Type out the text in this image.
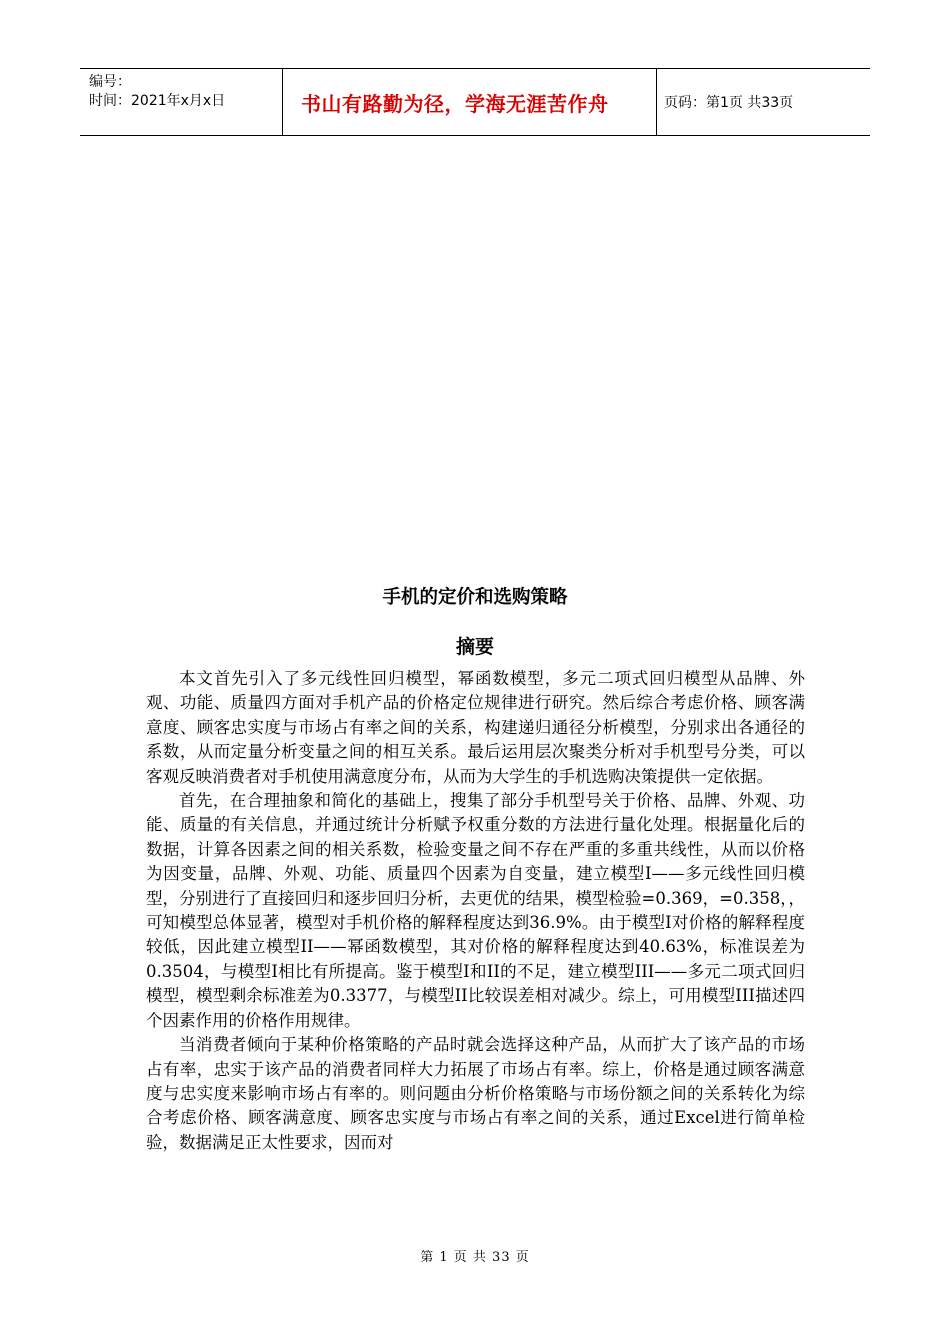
编号：
时间：2021年x月x日	书山有路勤为径，学海无涯苦作舟	页码：第1页 共33页
手机的定价和选购策略
摘要

本文首先引入了多元线性回归模型，幂函数模型，多元二项式回归模型从品牌、外观、功能、质量四方面对手机产品的价格定位规律进行研究。然后综合考虑价格、顾客满意度、顾客忠实度与市场占有率之间的关系，构建递归通径分析模型，分别求出各通径的系数，从而定量分析变量之间的相互关系。最后运用层次聚类分析对手机型号分类，可以客观反映消费者对手机使用满意度分布，从而为大学生的手机选购决策提供一定依据。

首先，在合理抽象和简化的基础上，搜集了部分手机型号关于价格、品牌、外观、功能、质量的有关信息，并通过统计分析赋予权重分数的方法进行量化处理。根据量化后的数据，计算各因素之间的相关系数，检验变量之间不存在严重的多重共线性，从而以价格为因变量，品牌、外观、功能、质量四个因素为自变量，建立模型I——多元线性回归模型，分别进行了直接回归和逐步回归分析，去更优的结果，模型检验=0.369，=0.358，，可知模型总体显著，模型对手机价格的解释程度达到36.9%。由于模型I对价格的解释程度较低，因此建立模型II——幂函数模型，其对价格的解释程度达到40.63%，标准误差为0.3504，与模型I相比有所提高。鉴于模型I和II的不足，建立模型III——多元二项式回归模型，模型剩余标准差为0.3377，与模型II比较误差相对减少。综上，可用模型III描述四个因素作用的价格作用规律。

当消费者倾向于某种价格策略的产品时就会选择这种产品，从而扩大了该产品的市场占有率，忠实于该产品的消费者同样大力拓展了市场占有率。综上，价格是通过顾客满意度与忠实度来影响市场占有率的。则问题由分析价格策略与市场份额之间的关系转化为综合考虑价格、顾客满意度、顾客忠实度与市场占有率之间的关系，通过Excel进行简单检验，数据满足正太性要求，因而对

第 1 页 共 33 页
